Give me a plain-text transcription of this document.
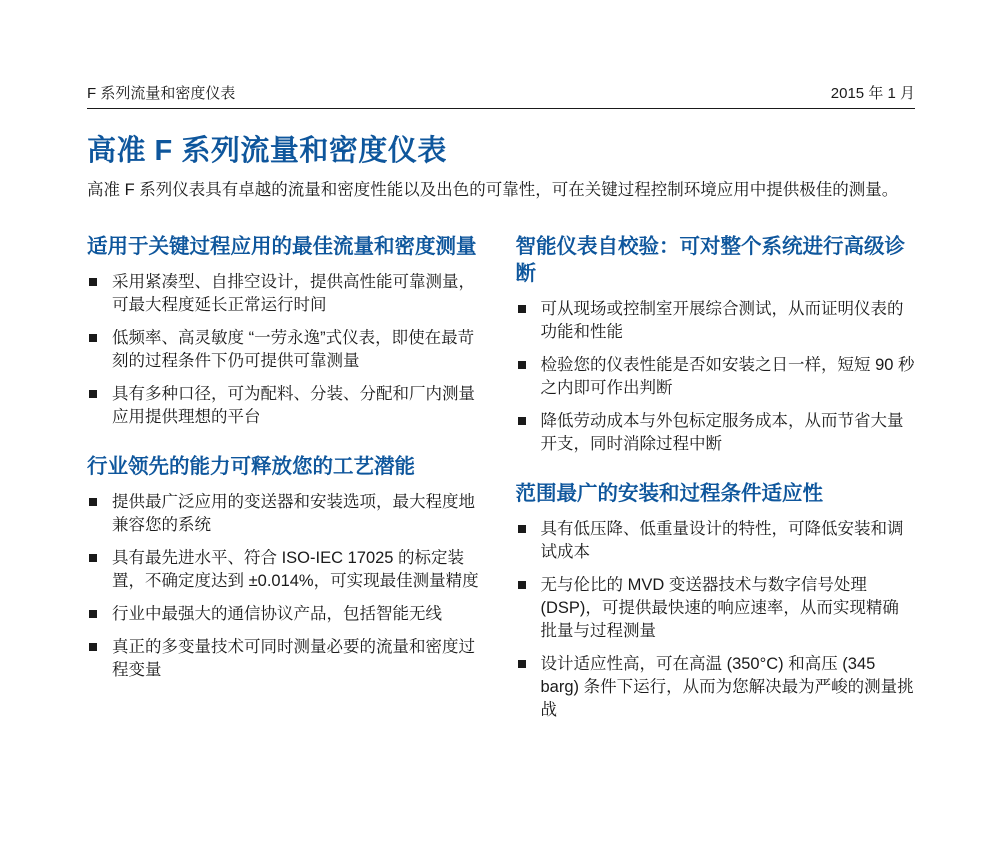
F 系列流量和密度仪表	2015 年 1 月
高准 F 系列流量和密度仪表

高准 F 系列仪表具有卓越的流量和密度性能以及出色的可靠性，可在关键过程控制环境应用中提供极佳的测量。

适用于关键过程应用的最佳流量和密度测量
采用紧凑型、自排空设计，提供高性能可靠测量，可最大程度延长正常运行时间
低频率、高灵敏度 “一劳永逸”式仪表，即使在最苛刻的过程条件下仍可提供可靠测量
具有多种口径，可为配料、分装、分配和厂内测量应用提供理想的平台
行业领先的能力可释放您的工艺潜能
提供最广泛应用的变送器和安装选项，最大程度地兼容您的系统
具有最先进水平、符合 ISO-IEC 17025 的标定装置，不确定度达到 ±0.014%，可实现最佳测量精度
行业中最强大的通信协议产品，包括智能无线
真正的多变量技术可同时测量必要的流量和密度过程变量
智能仪表自校验：可对整个系统进行高级诊断
可从现场或控制室开展综合测试，从而证明仪表的功能和性能
检验您的仪表性能是否如安装之日一样，短短 90 秒之内即可作出判断
降低劳动成本与外包标定服务成本，从而节省大量开支，同时消除过程中断
范围最广的安装和过程条件适应性
具有低压降、低重量设计的特性，可降低安装和调试成本
无与伦比的 MVD 变送器技术与数字信号处理 (DSP)，可提供最快速的响应速率，从而实现精确批量与过程测量
设计适应性高，可在高温 (350°C) 和高压 (345 barg) 条件下运行，从而为您解决最为严峻的测量挑战
